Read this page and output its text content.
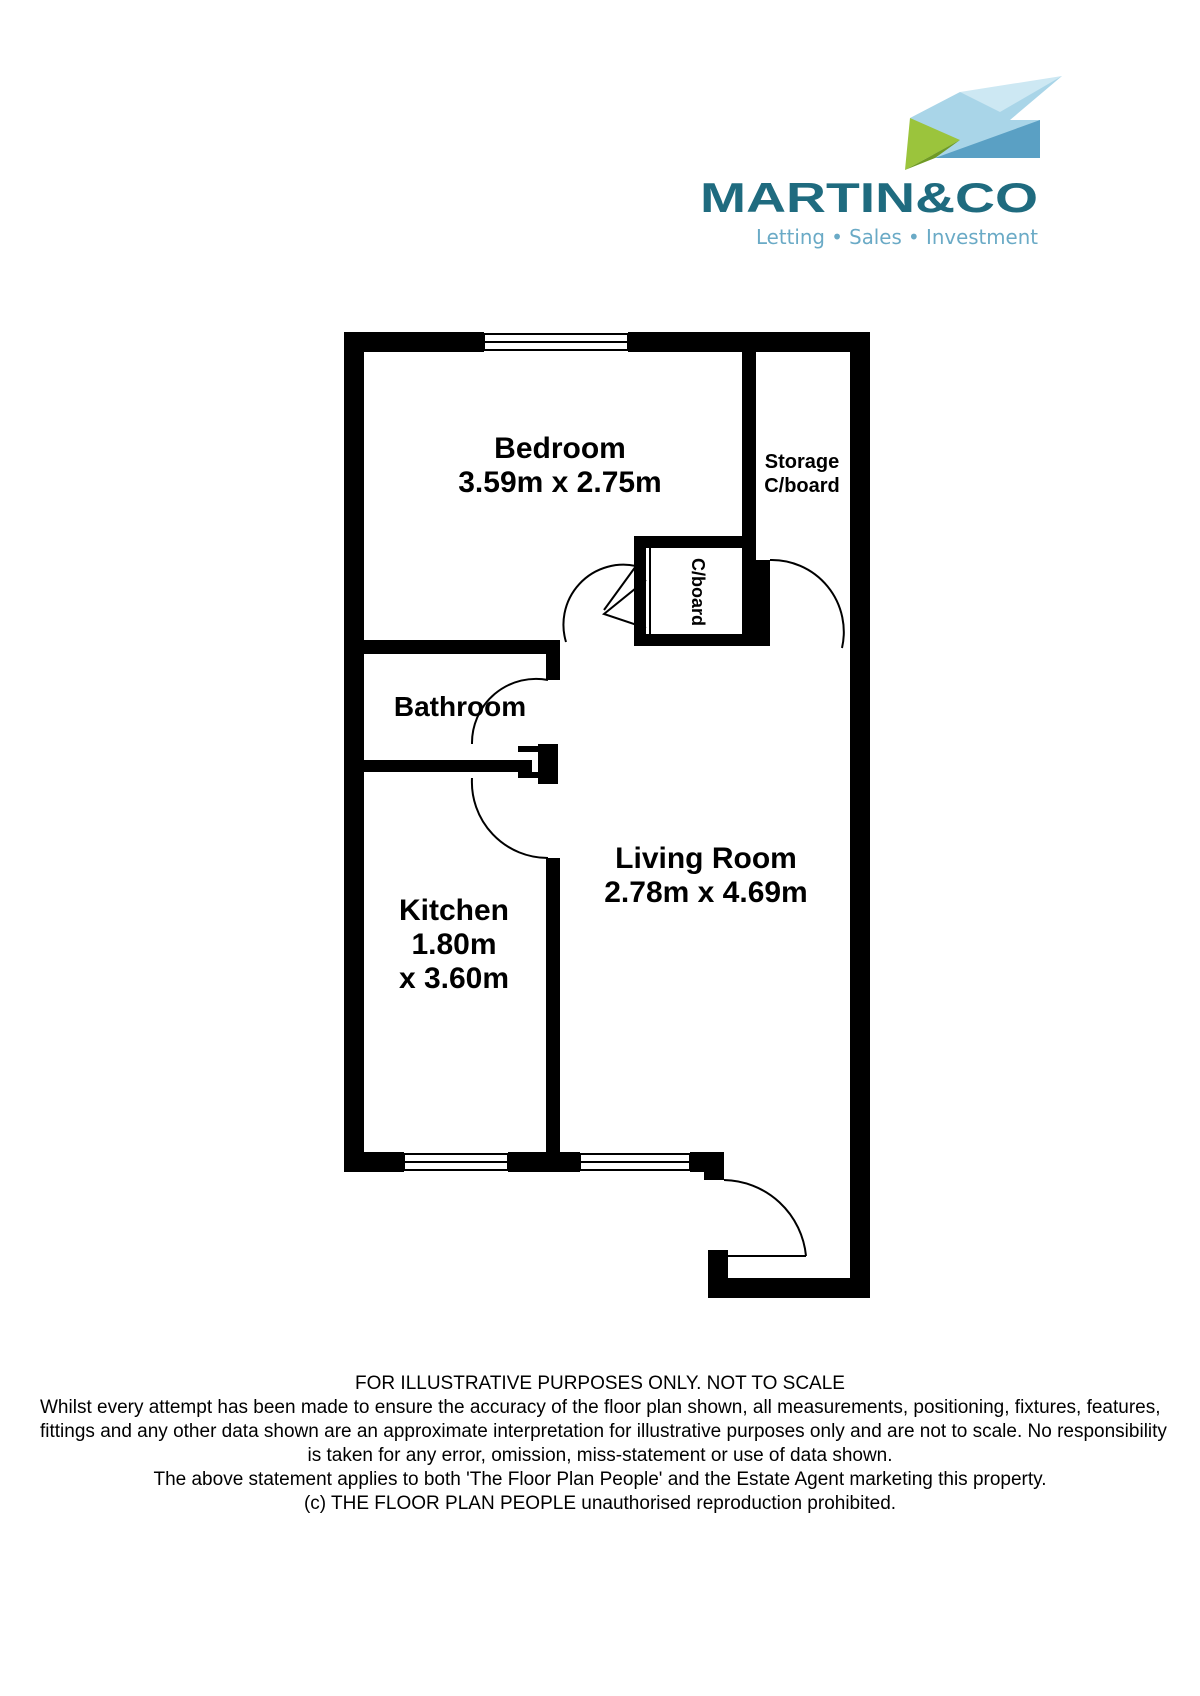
MARTIN&CO
Letting • Sales • Investment
Bedroom
3.59m x 2.75m
Storage
C/board
C/board
Bathroom
Kitchen
1.80m
x 3.60m
Living Room
2.78m x 4.69m
FOR ILLUSTRATIVE PURPOSES ONLY. NOT TO SCALE
Whilst every attempt has been made to ensure the accuracy of the floor plan shown, all measurements, positioning, fixtures, features,
fittings and any other data shown are an approximate interpretation for illustrative purposes only and are not to scale. No responsibility
is taken for any error, omission, miss-statement or use of data shown.
The above statement applies to both 'The Floor Plan People' and the Estate Agent marketing this property.
(c) THE FLOOR PLAN PEOPLE unauthorised reproduction prohibited.
